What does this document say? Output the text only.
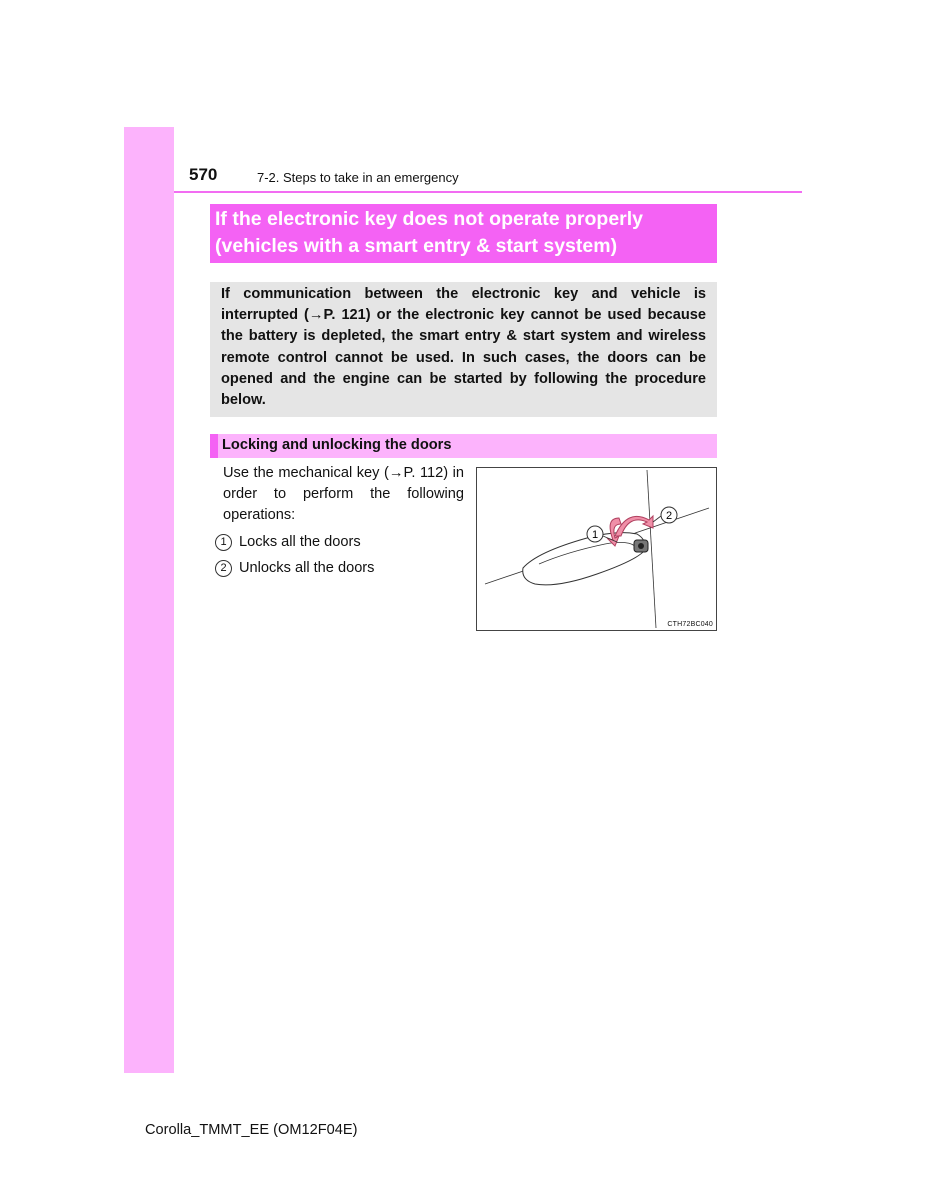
570	7-2. Steps to take in an emergency
If the electronic key does not operate properly
(vehicles with a smart entry & start system)
If communication between the electronic key and vehicle is interrupted (→P. 121) or the electronic key cannot be used because the battery is depleted, the smart entry & start system and wireless remote control cannot be used. In such cases, the doors can be opened and the engine can be started by following the procedure below.
Locking and unlocking the doors
Use the mechanical key (→P. 112) in order to perform the following operations:
1 Locks all the doors
2 Unlocks all the doors
1
2
CTH72BC040
Corolla_TMMT_EE (OM12F04E)
